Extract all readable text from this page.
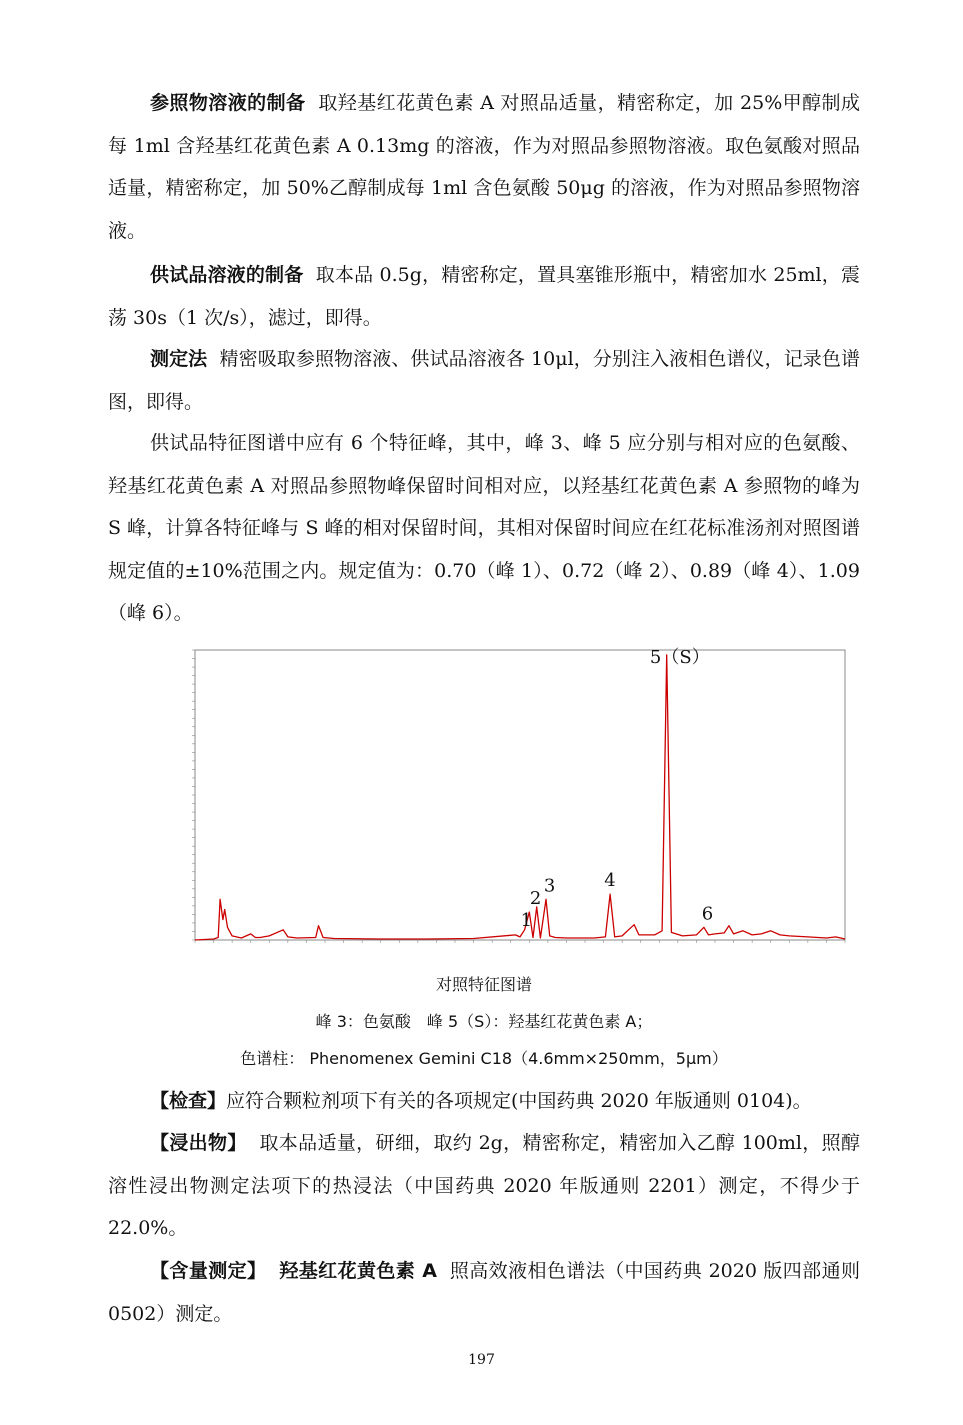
参照物溶液的制备 取羟基红花黄色素 A 对照品适量，精密称定，加 25%甲醇制成每 1ml 含羟基红花黄色素 A 0.13mg 的溶液，作为对照品参照物溶液。取色氨酸对照品适量，精密称定，加 50%乙醇制成每 1ml 含色氨酸 50μg 的溶液，作为对照品参照物溶液。

供试品溶液的制备 取本品 0.5g，精密称定，置具塞锥形瓶中，精密加水 25ml，震荡 30s（1 次/s），滤过，即得。

测定法 精密吸取参照物溶液、供试品溶液各 10μl，分别注入液相色谱仪，记录色谱图，即得。

供试品特征图谱中应有 6 个特征峰，其中，峰 3、峰 5 应分别与相对应的色氨酸、羟基红花黄色素 A 对照品参照物峰保留时间相对应，以羟基红花黄色素 A 参照物的峰为 S 峰，计算各特征峰与 S 峰的相对保留时间，其相对保留时间应在红花标准汤剂对照图谱规定值的±10%范围之内。规定值为：0.70（峰 1）、0.72（峰 2）、0.89（峰 4）、1.09（峰 6）。

1
2
3	4
5（S）
6
对照特征图谱
峰 3：色氨酸　峰 5（S）：羟基红花黄色素 A；
色谱柱： Phenomenex Gemini C18（4.6mm×250mm，5μm）

【检查】应符合颗粒剂项下有关的各项规定(中国药典 2020 年版通则 0104)。

【浸出物】 取本品适量，研细，取约 2g，精密称定，精密加入乙醇 100ml，照醇溶性浸出物测定法项下的热浸法（中国药典 2020 年版通则 2201）测定，不得少于 22.0%。

【含量测定】 羟基红花黄色素 A 照高效液相色谱法（中国药典 2020 版四部通则 0502）测定。

197
